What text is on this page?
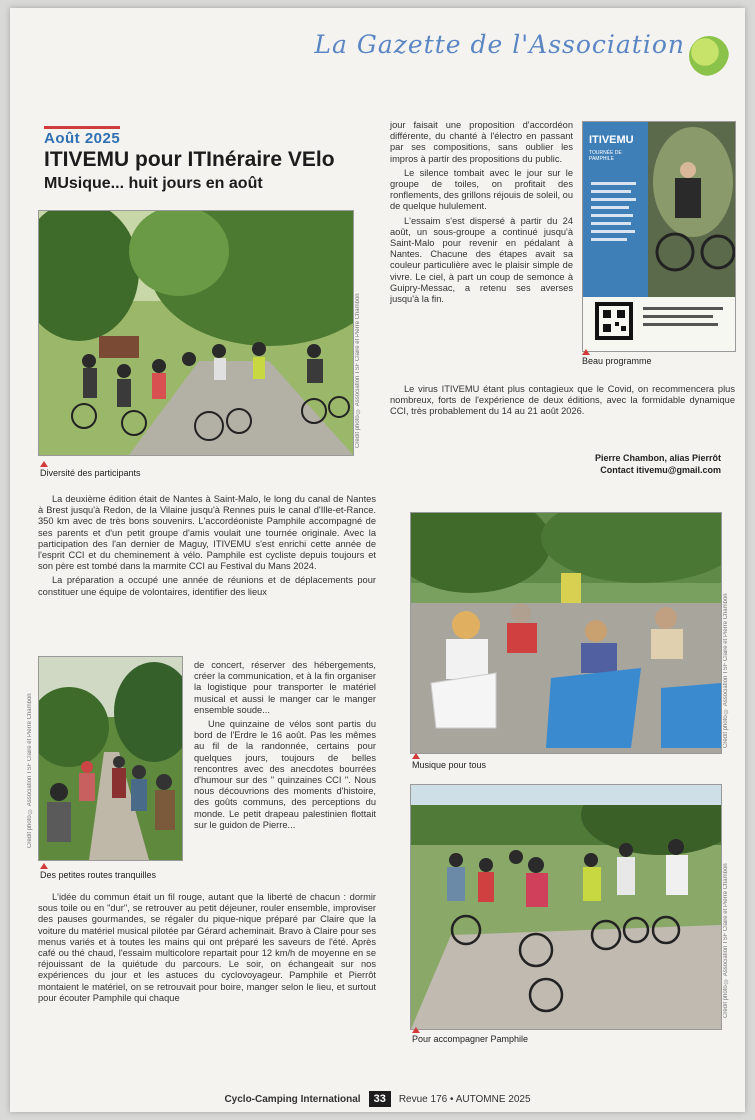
La Gazette de l'Association
Août 2025
ITIVEMU pour ITInéraire VElo
MUsique... huit jours en août
Crédit photo © Association TSF Claire et Pierre Chambon
Diversité des participants
ITIVEMU
TOURNÉE DE PAMPHILE
Beau programme

jour faisait une proposition d'accordéon différente, du chanté à l'électro en passant par ses compositions, sans oublier les impros à partir des propositions du public.

Le silence tombait avec le jour sur le groupe de toiles, on profitait des ronflements, des grillons réjouis de soleil, ou de quelque hululement.

L'essaim s'est dispersé à partir du 24 août, un sous-groupe a continué jusqu'à Saint-Malo pour revenir en pédalant à Nantes. Chacune des étapes avait sa couleur particulière avec le plaisir simple de vivre. Le ciel, à part un coup de semonce à Guipry-Messac, a retenu ses averses jusqu'à la fin.

Le virus ITIVEMU étant plus contagieux que le Covid, on recommencera plus nombreux, forts de l'expérience de deux éditions, avec la formidable dynamique CCI, très probablement du 14 au 21 août 2026.

Pierre Chambon, alias Pierrôt
Contact itivemu@gmail.com

La deuxième édition était de Nantes à Saint-Malo, le long du canal de Nantes à Brest jusqu'à Redon, de la Vilaine jusqu'à Rennes puis le canal d'Ille-et-Rance. 350 km avec de très bons souvenirs. L'accordéoniste Pamphile accompagné de ses parents et d'un petit groupe d'amis voulait une tournée originale. Avec la participation des l'an dernier de Maguy, ITIVEMU s'est enrichi cette année de l'esprit CCI et du cheminement à vélo. Pamphile est cycliste depuis toujours et son père est tombé dans la marmite CCI au Festival du Mans 2024.

La préparation a occupé une année de réunions et de déplacements pour constituer une équipe de volontaires, identifier des lieux

Crédit photo © Association TSF Claire et Pierre Chambon
Des petites routes tranquilles

de concert, réserver des hébergements, créer la communication, et à la fin organiser la logistique pour transporter le matériel musical et aussi le manger car le manger ensemble soude...

Une quinzaine de vélos sont partis du bord de l'Erdre le 16 août. Pas les mêmes au fil de la randonnée, certains pour quelques jours, toujours de belles rencontres avec des anecdotes bourrées d'humour sur des " quinzaines CCI ". Nous nous découvrions des moments d'histoire, des goûts communs, des perceptions du monde. Le petit drapeau palestinien flottait sur le guidon de Pierre...

L'idée du commun était un fil rouge, autant que la liberté de chacun : dormir sous toile ou en "dur", se retrouver au petit déjeuner, rouler ensemble, improviser des pauses gourmandes, se régaler du pique-nique préparé par Claire que la voiture du matériel musical pilotée par Gérard acheminait. Bravo à Claire pour ses menus variés et à toutes les mains qui ont préparé les saveurs de l'été. Après café ou thé chaud, l'essaim multicolore repartait pour 12 km/h de moyenne en se réjouissant de la quiétude du parcours. Le soir, on échangeait sur nos expériences du jour et les astuces du cyclovoyageur. Pamphile et Pierrôt montaient le matériel, on se retrouvait pour boire, manger selon le lieu, et surtout pour écouter Pamphile qui chaque

Crédit photo © Association TSF Claire et Pierre Chambon
Musique pour tous
Crédit photo © Association TSF Claire et Pierre Chambon
Pour accompagner Pamphile
Cyclo-Camping International	33	Revue 176 • AUTOMNE 2025
